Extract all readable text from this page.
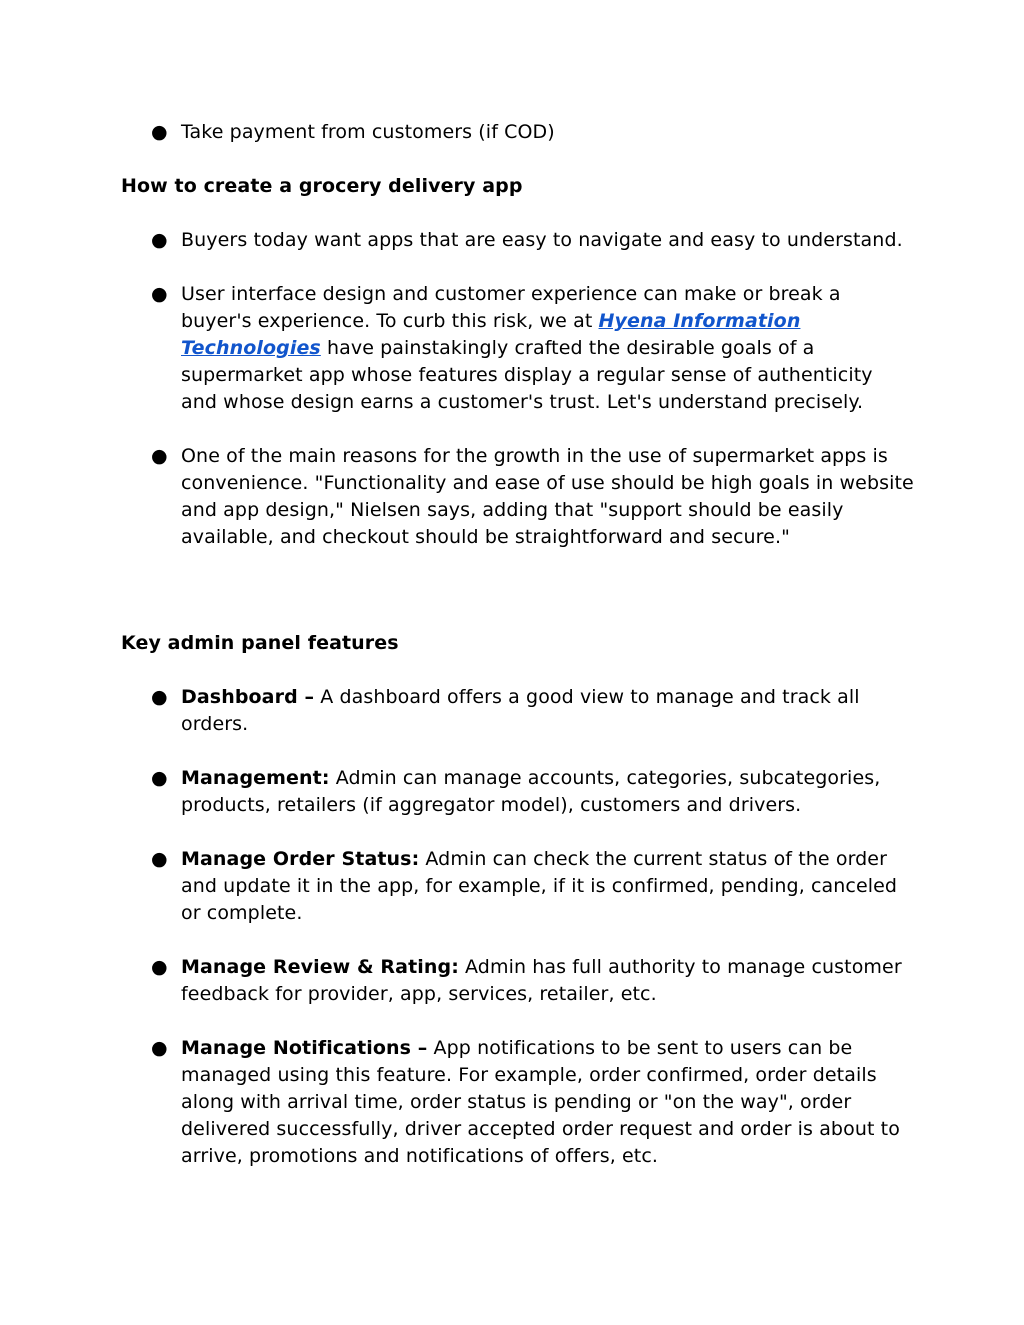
● Take payment from customers (if COD)
How to create a grocery delivery app
● Buyers today want apps that are easy to navigate and easy to understand.
● User interface design and customer experience can make or break a buyer's experience. To curb this risk, we at Hyena Information Technologies have painstakingly crafted the desirable goals of a supermarket app whose features display a regular sense of authenticity and whose design earns a customer's trust. Let's understand precisely.
● One of the main reasons for the growth in the use of supermarket apps is convenience. "Functionality and ease of use should be high goals in website and app design," Nielsen says, adding that "support should be easily available, and checkout should be straightforward and secure."
Key admin panel features
● Dashboard – A dashboard offers a good view to manage and track all orders.
● Management: Admin can manage accounts, categories, subcategories, products, retailers (if aggregator model), customers and drivers.
● Manage Order Status: Admin can check the current status of the order and update it in the app, for example, if it is confirmed, pending, canceled or complete.
● Manage Review & Rating: Admin has full authority to manage customer feedback for provider, app, services, retailer, etc.
● Manage Notifications – App notifications to be sent to users can be managed using this feature. For example, order confirmed, order details along with arrival time, order status is pending or "on the way", order delivered successfully, driver accepted order request and order is about to arrive, promotions and notifications of offers, etc.
